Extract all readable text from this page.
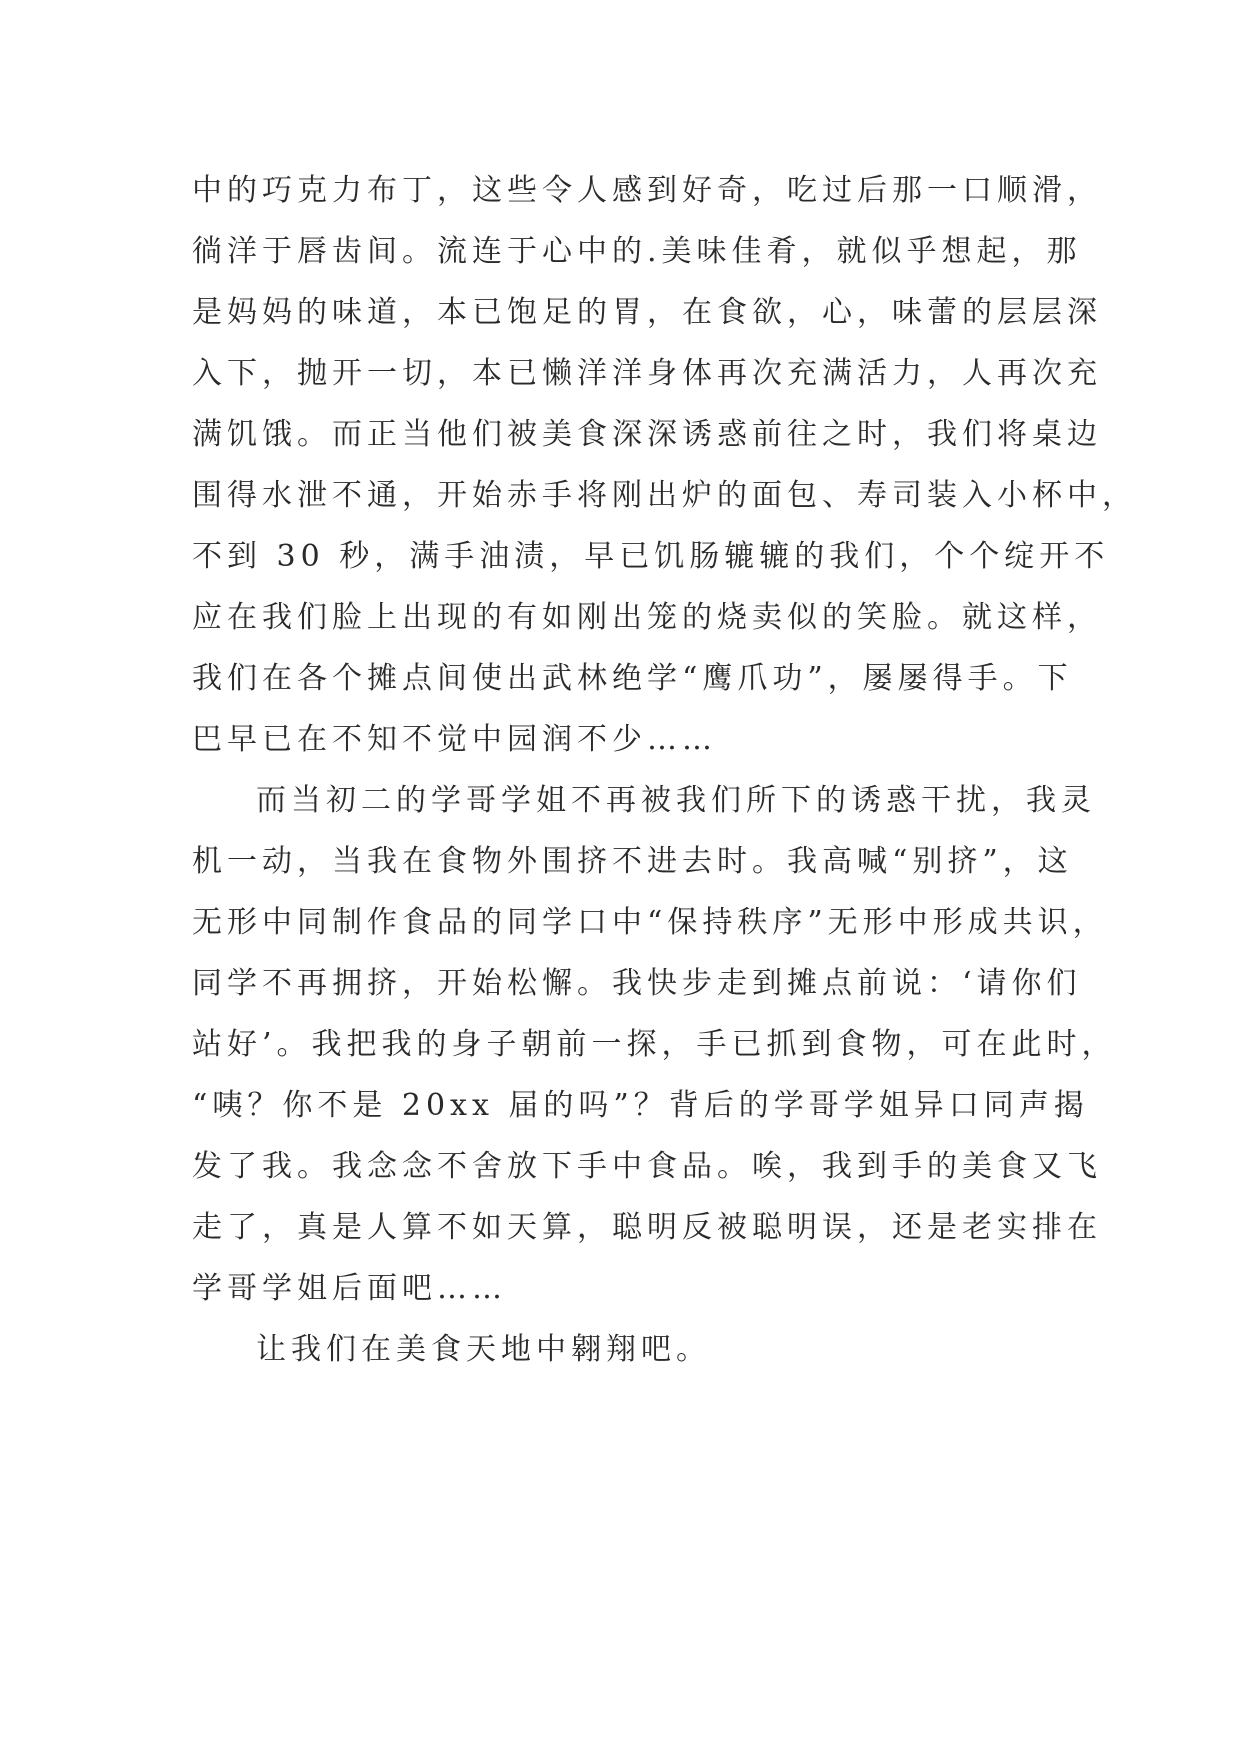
中的巧克力布丁，这些令人感到好奇，吃过后那一口顺滑，
徜洋于唇齿间。流连于心中的.美味佳肴，就似乎想起，那
是妈妈的味道，本已饱足的胃，在食欲，心，味蕾的层层深
入下，抛开一切，本已懒洋洋身体再次充满活力，人再次充
满饥饿。而正当他们被美食深深诱惑前往之时，我们将桌边
围得水泄不通，开始赤手将刚出炉的面包、寿司装入小杯中，
不到 30 秒，满手油渍，早已饥肠辘辘的我们，个个绽开不
应在我们脸上出现的有如刚出笼的烧卖似的笑脸。就这样，
我们在各个摊点间使出武林绝学“鹰爪功”，屡屡得手。下
巴早已在不知不觉中园润不少……
而当初二的学哥学姐不再被我们所下的诱惑干扰，我灵
机一动，当我在食物外围挤不进去时。我高喊“别挤”，这
无形中同制作食品的同学口中“保持秩序”无形中形成共识，
同学不再拥挤，开始松懈。我快步走到摊点前说：‘请你们
站好’。我把我的身子朝前一探，手已抓到食物，可在此时，
“咦？你不是 20xx 届的吗”？背后的学哥学姐异口同声揭
发了我。我念念不舍放下手中食品。唉，我到手的美食又飞
走了，真是人算不如天算，聪明反被聪明误，还是老实排在
学哥学姐后面吧……
让我们在美食天地中翱翔吧。
